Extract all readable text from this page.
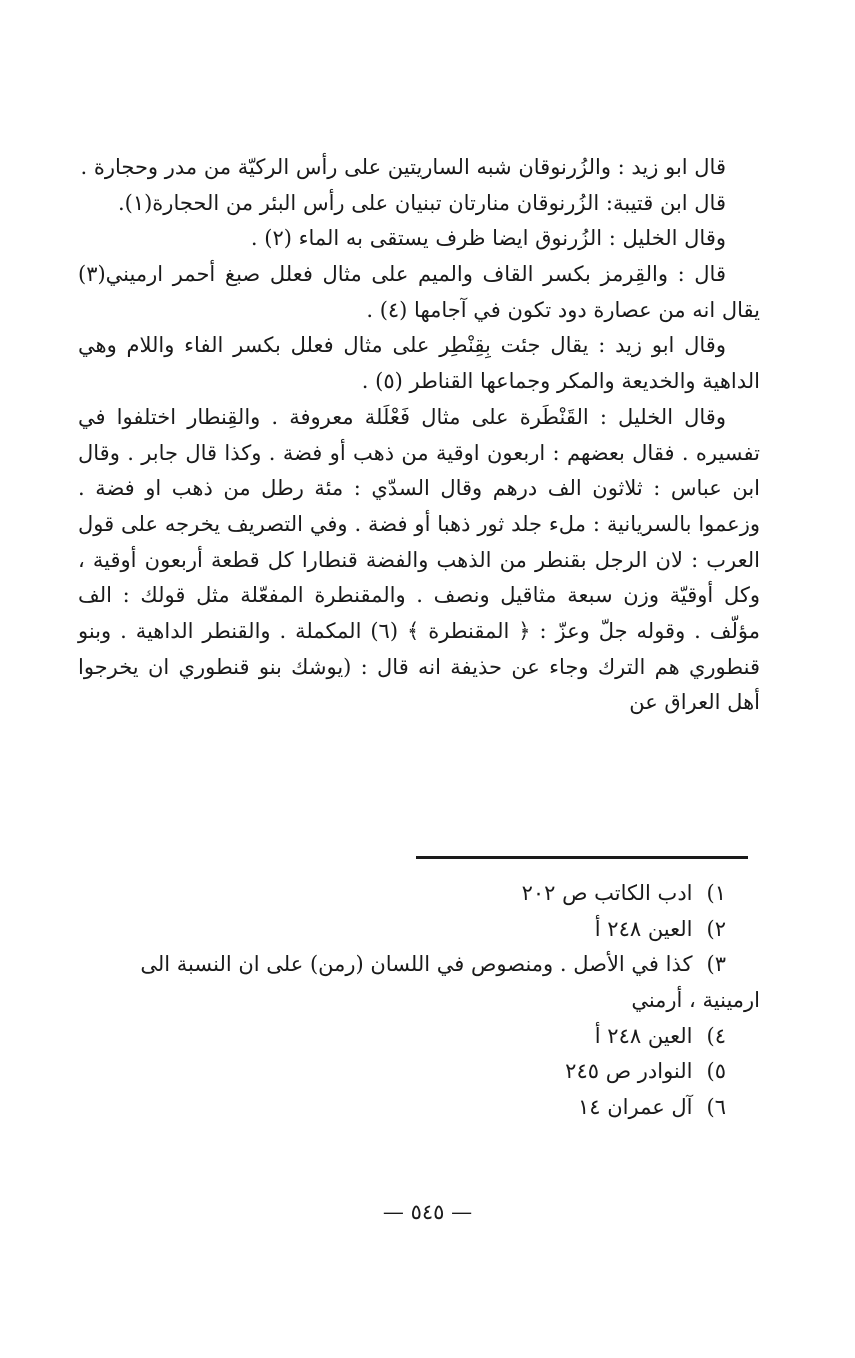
قال ابو زيد : والزُرنوقان شبه الساريتين على رأس الركيّة من مدر وحجارة .

قال ابن قتيبة: الزُرنوقان منارتان تبنيان على رأس البئر من الحجارة(١).

وقال الخليل : الزُرنوق ايضا ظرف يستقى به الماء (٢) .

قال : والقِرمز بكسر القاف والميم على مثال فعلل صبغ أحمر ارميني(٣) يقال انه من عصارة دود تكون في آجامها (٤) .

وقال ابو زيد : يقال جئت بِقِنْطِر على مثال فعلل بكسر الفاء واللام وهي الداهية والخديعة والمكر وجماعها القناطر (٥) .

وقال الخليل : القَنْطَرة على مثال فَعْلَلة معروفة . والقِنطار اختلفوا في تفسيره . فقال بعضهم : اربعون اوقية من ذهب أو فضة . وكذا قال جابر . وقال ابن عباس : ثلاثون الف درهم وقال السدّي : مئة رطل من ذهب او فضة . وزعموا بالسريانية : ملء جلد ثور ذهبا أو فضة . وفي التصريف يخرجه على قول العرب : لان الرجل بقنطر من الذهب والفضة قنطارا كل قطعة أربعون أوقية ، وكل أوقيّة وزن سبعة مثاقيل ونصف . والمقنطرة المفعّلة مثل قولك : الف مؤلّف . وقوله جلّ وعزّ : ﴿ المقنطرة ﴾ (٦) المكملة . والقنطر الداهية . وبنو قنطوري هم الترك وجاء عن حذيفة انه قال : (يوشك بنو قنطوري ان يخرجوا أهل العراق عن

١)
ادب الكاتب ص ٢٠٢
٢)
العين ٢٤٨ أ
٣)
كذا في الأصل . ومنصوص في اللسان (رمن) على ان النسبة الى
ارمينية ، أرمني
٤)
العين ٢٤٨ أ
٥)
النوادر ص ٢٤٥
٦)
آل عمران ١٤
— ٥٤٥ —
